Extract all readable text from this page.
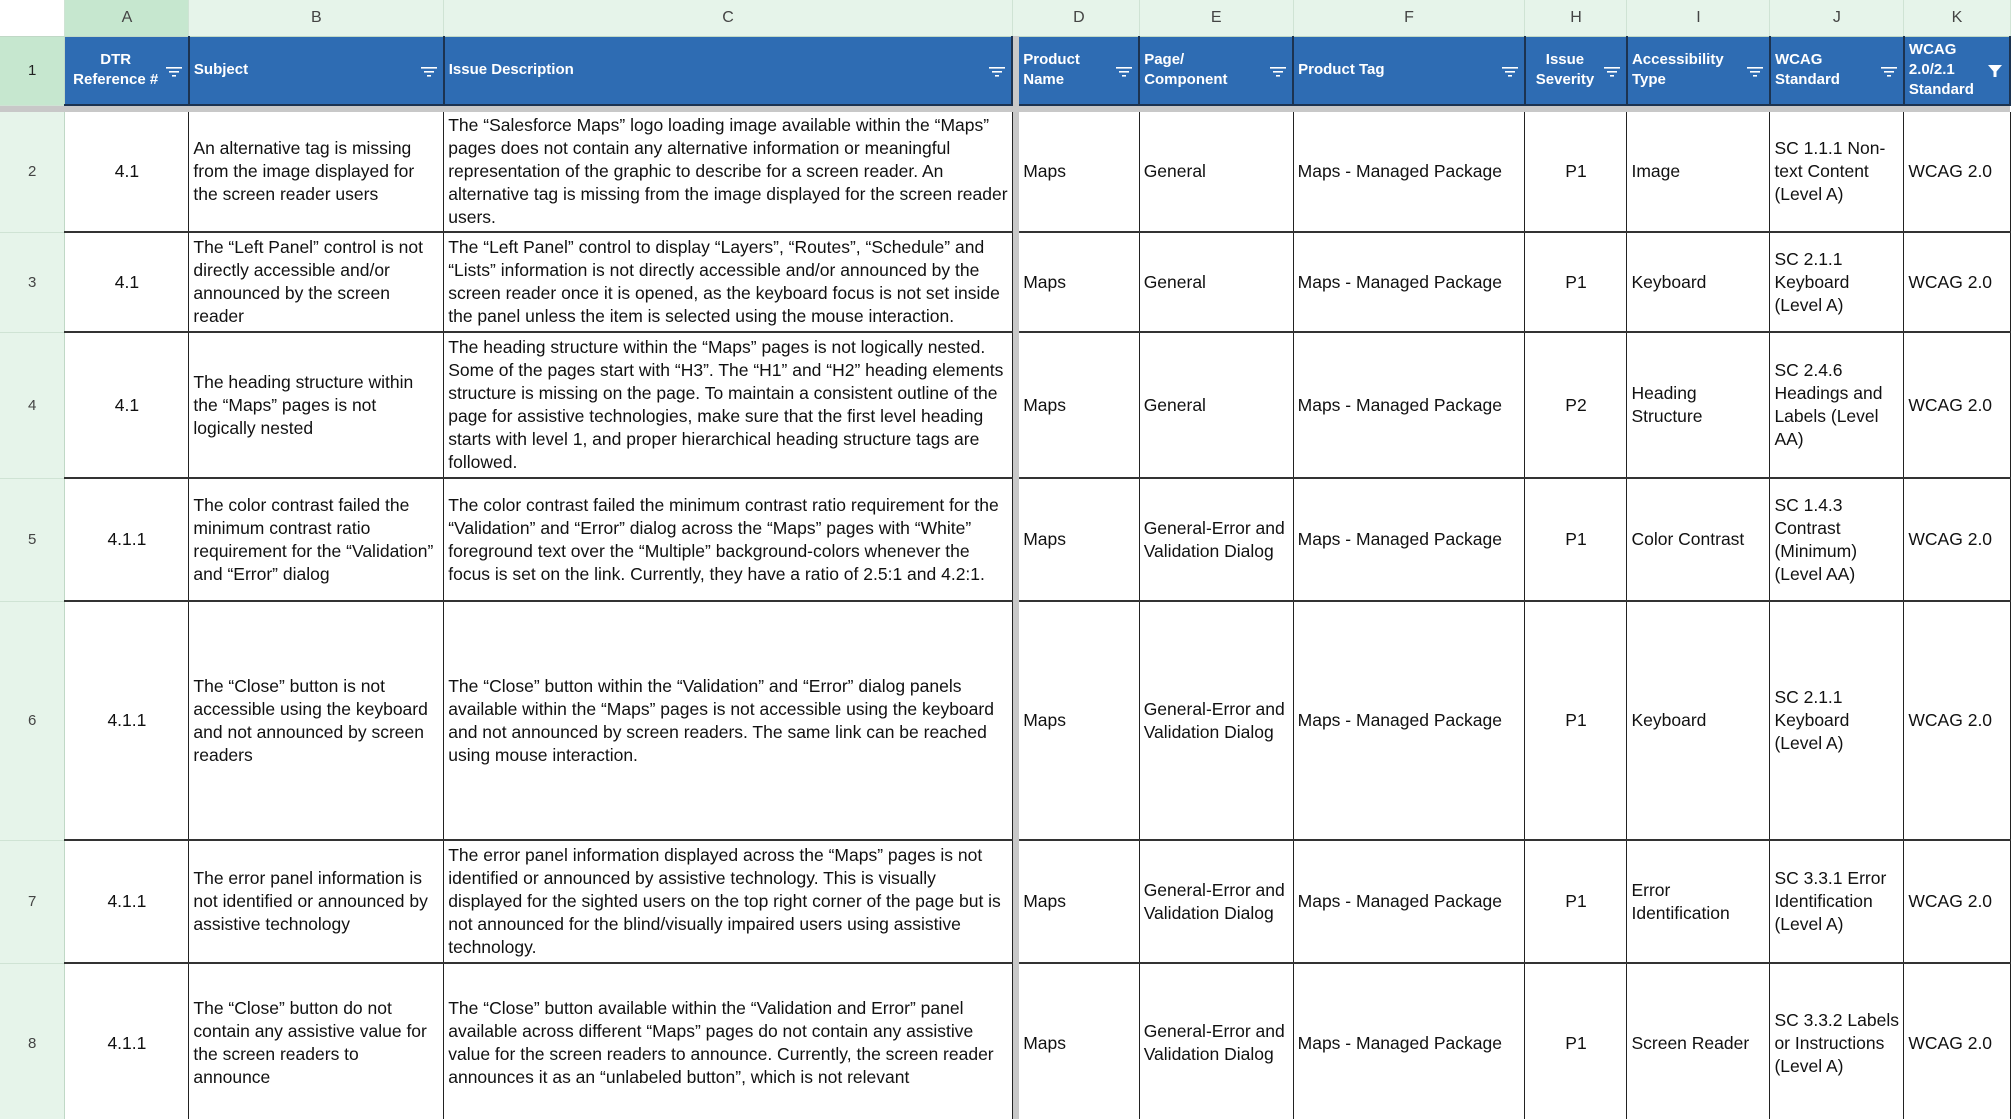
	A	B	C		D	E	F	H	I	J	K
1	DTR Reference #	Subject	Issue Description		Product Name	Page/ Component	Product Tag	Issue Severity	Accessibility Type	WCAG Standard	WCAG 2.0/2.1 Standard

2	4.1	An alternative tag is missing from the image displayed for the screen reader users	The “Salesforce Maps” logo loading image available within the “Maps” pages does not contain any alternative information or meaningful representation of the graphic to describe for a screen reader. An alternative tag is missing from the image displayed for the screen reader users.		Maps	General	Maps - Managed Package	P1	Image	SC 1.1.1 Non-text Content (Level A)	WCAG 2.0
3	4.1	The “Left Panel” control is not directly accessible and/or announced by the screen reader	The “Left Panel” control to display “Layers”, “Routes”, “Schedule” and “Lists” information is not directly accessible and/or announced by the screen reader once it is opened, as the keyboard focus is not set inside the panel unless the item is selected using the mouse interaction.		Maps	General	Maps - Managed Package	P1	Keyboard	SC 2.1.1 Keyboard (Level A)	WCAG 2.0
4	4.1	The heading structure within the “Maps” pages is not logically nested	The heading structure within the “Maps” pages is not logically nested. Some of the pages start with “H3”. The “H1” and “H2” heading elements structure is missing on the page. To maintain a consistent outline of the page for assistive technologies, make sure that the first level heading starts with level 1, and proper hierarchical heading structure tags are followed.		Maps	General	Maps - Managed Package	P2	Heading Structure	SC 2.4.6 Headings and Labels (Level AA)	WCAG 2.0
5	4.1.1	The color contrast failed the minimum contrast ratio requirement for the “Validation” and “Error” dialog	The color contrast failed the minimum contrast ratio requirement for the “Validation” and “Error” dialog across the “Maps” pages with “White” foreground text over the “Multiple” background-colors whenever the focus is set on the link. Currently, they have a ratio of 2.5:1 and 4.2:1.		Maps	General-Error and Validation Dialog	Maps - Managed Package	P1	Color Contrast	SC 1.4.3 Contrast (Minimum) (Level AA)	WCAG 2.0
6	4.1.1	The “Close” button is not accessible using the keyboard and not announced by screen readers	The “Close” button within the “Validation” and “Error” dialog panels available within the “Maps” pages is not accessible using the keyboard and not announced by screen readers. The same link can be reached using mouse interaction.		Maps	General-Error and Validation Dialog	Maps - Managed Package	P1	Keyboard	SC 2.1.1 Keyboard (Level A)	WCAG 2.0
7	4.1.1	The error panel information is not identified or announced by assistive technology	The error panel information displayed across the “Maps” pages is not identified or announced by assistive technology. This is visually displayed for the sighted users on the top right corner of the page but is not announced for the blind/visually impaired users using assistive technology.		Maps	General-Error and Validation Dialog	Maps - Managed Package	P1	Error Identification	SC 3.3.1 Error Identification (Level A)	WCAG 2.0
8	4.1.1	The “Close” button do not contain any assistive value for the screen readers to announce	The “Close” button available within the “Validation and Error” panel available across different “Maps” pages do not contain any assistive value for the screen readers to announce. Currently, the screen reader announces it as an “unlabeled button”, which is not relevant		Maps	General-Error and Validation Dialog	Maps - Managed Package	P1	Screen Reader	SC 3.3.2 Labels or Instructions (Level A)	WCAG 2.0
